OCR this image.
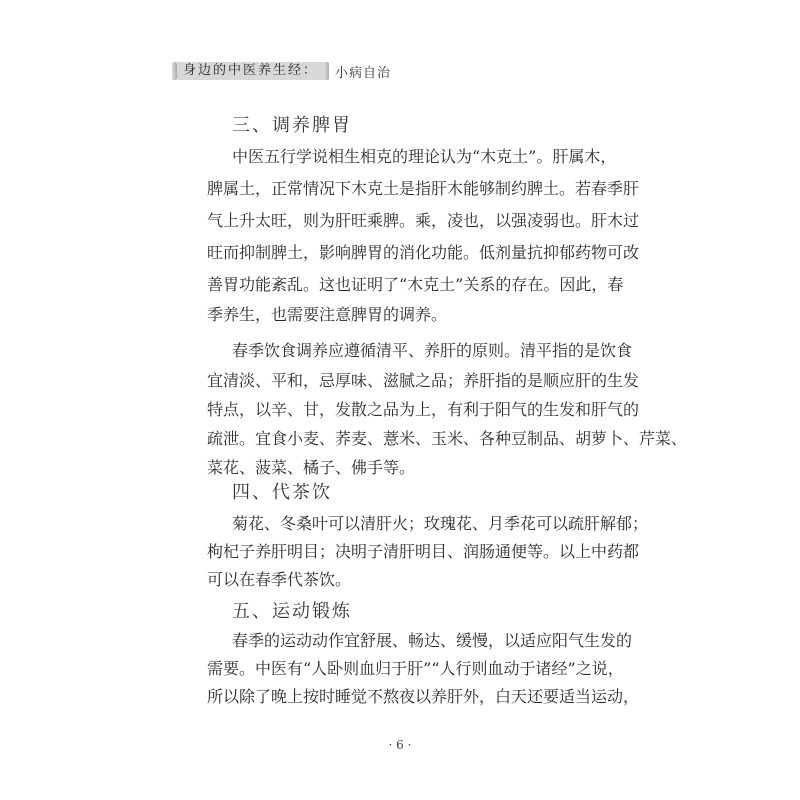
身边的中医养生经：	小病自治
三、调养脾胃
中医五行学说相生相克的理论认为“木克土”。肝属木，
脾属土，正常情况下木克土是指肝木能够制约脾土。若春季肝
气上升太旺，则为肝旺乘脾。乘，凌也，以强凌弱也。肝木过
旺而抑制脾土，影响脾胃的消化功能。低剂量抗抑郁药物可改
善胃功能紊乱。这也证明了“木克土”关系的存在。因此，春
季养生，也需要注意脾胃的调养。
春季饮食调养应遵循清平、养肝的原则。清平指的是饮食
宜清淡、平和，忌厚味、滋腻之品；养肝指的是顺应肝的生发
特点，以辛、甘，发散之品为上，有利于阳气的生发和肝气的
疏泄。宜食小麦、荞麦、薏米、玉米、各种豆制品、胡萝卜、芹菜、
菜花、菠菜、橘子、佛手等。
四、代茶饮
菊花、冬桑叶可以清肝火；玫瑰花、月季花可以疏肝解郁；
枸杞子养肝明目；决明子清肝明目、润肠通便等。以上中药都
可以在春季代茶饮。
五、运动锻炼
春季的运动动作宜舒展、畅达、缓慢，以适应阳气生发的
需要。中医有“人卧则血归于肝”“人行则血动于诸经”之说，
所以除了晚上按时睡觉不熬夜以养肝外，白天还要适当运动，
· 6 ·
